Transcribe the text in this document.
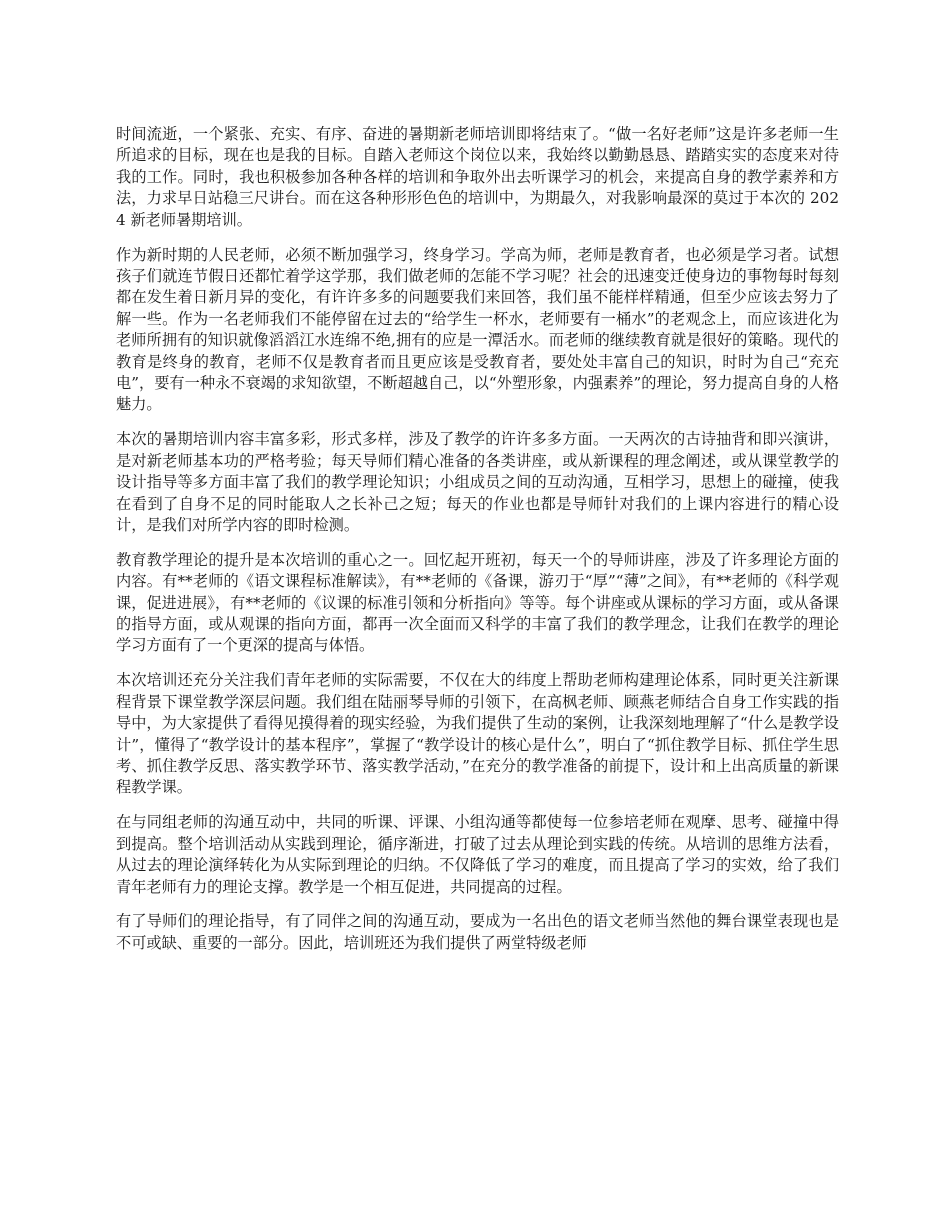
时间流逝，一个紧张、充实、有序、奋进的暑期新老师培训即将结束了。“做一名好老师”这是许多老师一生所追求的目标，现在也是我的目标。自踏入老师这个岗位以来，我始终以勤勤恳恳、踏踏实实的态度来对待我的工作。同时，我也积极参加各种各样的培训和争取外出去听课学习的机会，来提高自身的教学素养和方法，力求早日站稳三尺讲台。而在这各种形形色色的培训中，为期最久，对我影响最深的莫过于本次的 2024 新老师暑期培训。

作为新时期的人民老师，必须不断加强学习，终身学习。学高为师，老师是教育者，也必须是学习者。试想孩子们就连节假日还都忙着学这学那，我们做老师的怎能不学习呢？社会的迅速变迁使身边的事物每时每刻都在发生着日新月异的变化，有许许多多的问题要我们来回答，我们虽不能样样精通，但至少应该去努力了解一些。作为一名老师我们不能停留在过去的“给学生一杯水，老师要有一桶水”的老观念上，而应该进化为老师所拥有的知识就像滔滔江水连绵不绝,拥有的应是一潭活水。而老师的继续教育就是很好的策略。现代的教育是终身的教育，老师不仅是教育者而且更应该是受教育者，要处处丰富自己的知识，时时为自己“充充电”，要有一种永不衰竭的求知欲望，不断超越自己，以“外塑形象，内强素养”的理论，努力提高自身的人格魅力。

本次的暑期培训内容丰富多彩，形式多样，涉及了教学的许许多多方面。一天两次的古诗抽背和即兴演讲，是对新老师基本功的严格考验；每天导师们精心准备的各类讲座，或从新课程的理念阐述，或从课堂教学的设计指导等多方面丰富了我们的教学理论知识；小组成员之间的互动沟通，互相学习，思想上的碰撞，使我在看到了自身不足的同时能取人之长补己之短；每天的作业也都是导师针对我们的上课内容进行的精心设计，是我们对所学内容的即时检测。

教育教学理论的提升是本次培训的重心之一。回忆起开班初，每天一个的导师讲座，涉及了许多理论方面的内容。有**老师的《语文课程标准解读》，有**老师的《备课，游刃于“厚”“薄”之间》，有**老师的《科学观课，促进进展》，有**老师的《议课的标准引领和分析指向》等等。每个讲座或从课标的学习方面，或从备课的指导方面，或从观课的指向方面，都再一次全面而又科学的丰富了我们的教学理念，让我们在教学的理论学习方面有了一个更深的提高与体悟。

本次培训还充分关注我们青年老师的实际需要，不仅在大的纬度上帮助老师构建理论体系，同时更关注新课程背景下课堂教学深层问题。我们组在陆丽琴导师的引领下，在高枫老师、顾燕老师结合自身工作实践的指导中，为大家提供了看得见摸得着的现实经验，为我们提供了生动的案例，让我深刻地理解了“什么是教学设计”，懂得了“教学设计的基本程序”，掌握了“教学设计的核心是什么”，明白了“抓住教学目标、抓住学生思考、抓住教学反思、落实教学环节、落实教学活动，”在充分的教学准备的前提下，设计和上出高质量的新课程教学课。

在与同组老师的沟通互动中，共同的听课、评课、小组沟通等都使每一位参培老师在观摩、思考、碰撞中得到提高。整个培训活动从实践到理论，循序渐进，打破了过去从理论到实践的传统。从培训的思维方法看，从过去的理论演绎转化为从实际到理论的归纳。不仅降低了学习的难度，而且提高了学习的实效，给了我们青年老师有力的理论支撑。教学是一个相互促进，共同提高的过程。

有了导师们的理论指导，有了同伴之间的沟通互动，要成为一名出色的语文老师当然他的舞台课堂表现也是不可或缺、重要的一部分。因此，培训班还为我们提供了两堂特级老师
